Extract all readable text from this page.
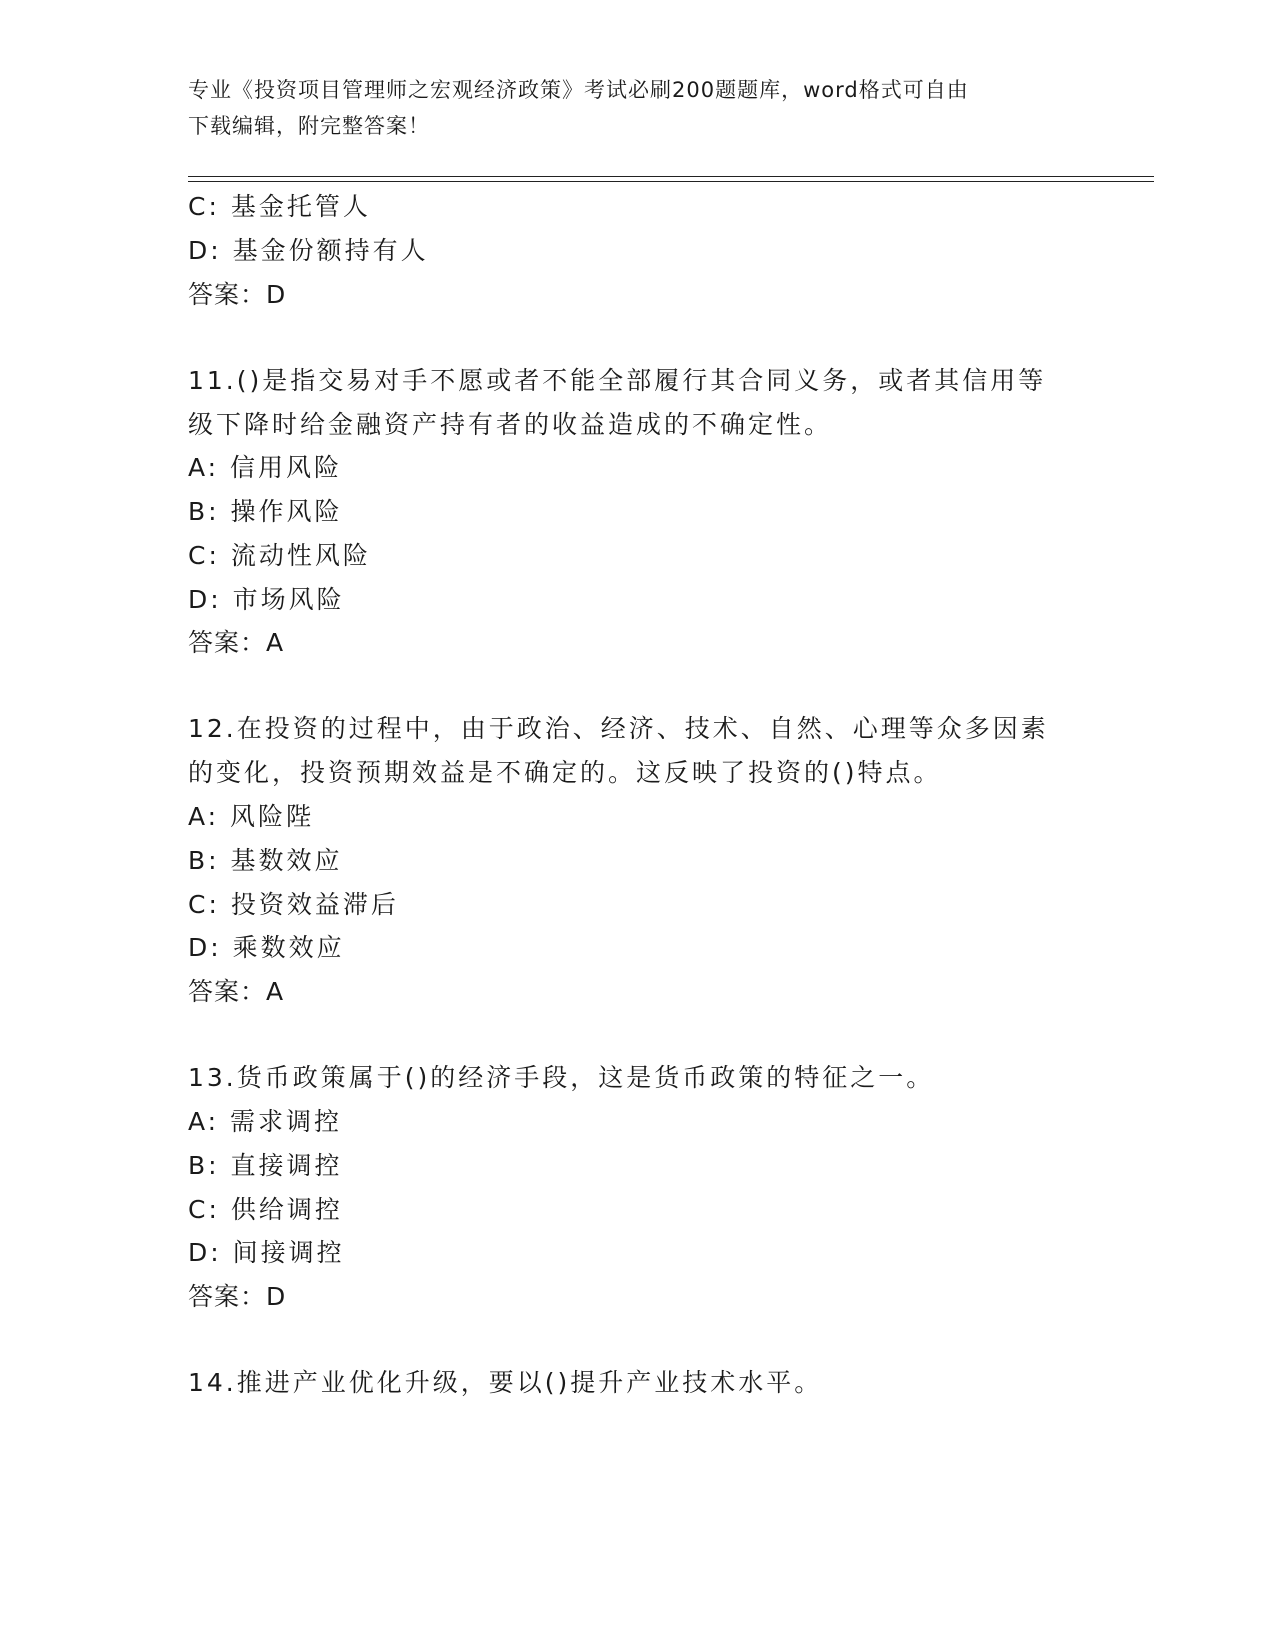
专业《投资项目管理师之宏观经济政策》考试必刷200题题库，word格式可自由
下载编辑，附完整答案！
C: 基金托管人
D: 基金份额持有人
答案：D
11.()是指交易对手不愿或者不能全部履行其合同义务，或者其信用等
级下降时给金融资产持有者的收益造成的不确定性。
A: 信用风险
B: 操作风险
C: 流动性风险
D: 市场风险
答案：A
12.在投资的过程中，由于政治、经济、技术、自然、心理等众多因素
的变化，投资预期效益是不确定的。这反映了投资的()特点。
A: 风险陛
B: 基数效应
C: 投资效益滞后
D: 乘数效应
答案：A
13.货币政策属于()的经济手段，这是货币政策的特征之一。
A: 需求调控
B: 直接调控
C: 供给调控
D: 间接调控
答案：D
14.推进产业优化升级，要以()提升产业技术水平。
